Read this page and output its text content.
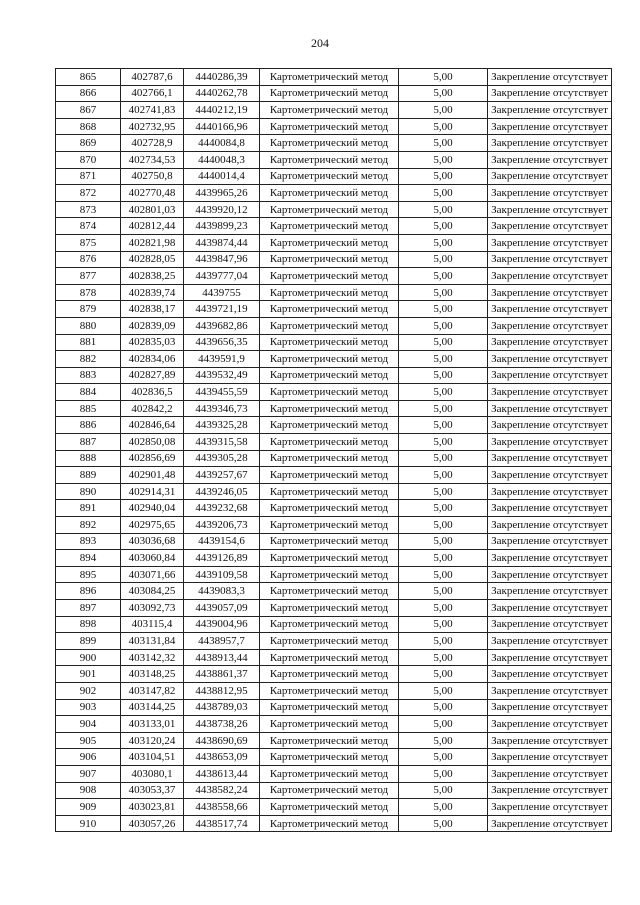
204
865	402787,6	4440286,39	Картометрический метод	5,00	Закрепление отсутствует
866	402766,1	4440262,78	Картометрический метод	5,00	Закрепление отсутствует
867	402741,83	4440212,19	Картометрический метод	5,00	Закрепление отсутствует
868	402732,95	4440166,96	Картометрический метод	5,00	Закрепление отсутствует
869	402728,9	4440084,8	Картометрический метод	5,00	Закрепление отсутствует
870	402734,53	4440048,3	Картометрический метод	5,00	Закрепление отсутствует
871	402750,8	4440014,4	Картометрический метод	5,00	Закрепление отсутствует
872	402770,48	4439965,26	Картометрический метод	5,00	Закрепление отсутствует
873	402801,03	4439920,12	Картометрический метод	5,00	Закрепление отсутствует
874	402812,44	4439899,23	Картометрический метод	5,00	Закрепление отсутствует
875	402821,98	4439874,44	Картометрический метод	5,00	Закрепление отсутствует
876	402828,05	4439847,96	Картометрический метод	5,00	Закрепление отсутствует
877	402838,25	4439777,04	Картометрический метод	5,00	Закрепление отсутствует
878	402839,74	4439755	Картометрический метод	5,00	Закрепление отсутствует
879	402838,17	4439721,19	Картометрический метод	5,00	Закрепление отсутствует
880	402839,09	4439682,86	Картометрический метод	5,00	Закрепление отсутствует
881	402835,03	4439656,35	Картометрический метод	5,00	Закрепление отсутствует
882	402834,06	4439591,9	Картометрический метод	5,00	Закрепление отсутствует
883	402827,89	4439532,49	Картометрический метод	5,00	Закрепление отсутствует
884	402836,5	4439455,59	Картометрический метод	5,00	Закрепление отсутствует
885	402842,2	4439346,73	Картометрический метод	5,00	Закрепление отсутствует
886	402846,64	4439325,28	Картометрический метод	5,00	Закрепление отсутствует
887	402850,08	4439315,58	Картометрический метод	5,00	Закрепление отсутствует
888	402856,69	4439305,28	Картометрический метод	5,00	Закрепление отсутствует
889	402901,48	4439257,67	Картометрический метод	5,00	Закрепление отсутствует
890	402914,31	4439246,05	Картометрический метод	5,00	Закрепление отсутствует
891	402940,04	4439232,68	Картометрический метод	5,00	Закрепление отсутствует
892	402975,65	4439206,73	Картометрический метод	5,00	Закрепление отсутствует
893	403036,68	4439154,6	Картометрический метод	5,00	Закрепление отсутствует
894	403060,84	4439126,89	Картометрический метод	5,00	Закрепление отсутствует
895	403071,66	4439109,58	Картометрический метод	5,00	Закрепление отсутствует
896	403084,25	4439083,3	Картометрический метод	5,00	Закрепление отсутствует
897	403092,73	4439057,09	Картометрический метод	5,00	Закрепление отсутствует
898	403115,4	4439004,96	Картометрический метод	5,00	Закрепление отсутствует
899	403131,84	4438957,7	Картометрический метод	5,00	Закрепление отсутствует
900	403142,32	4438913,44	Картометрический метод	5,00	Закрепление отсутствует
901	403148,25	4438861,37	Картометрический метод	5,00	Закрепление отсутствует
902	403147,82	4438812,95	Картометрический метод	5,00	Закрепление отсутствует
903	403144,25	4438789,03	Картометрический метод	5,00	Закрепление отсутствует
904	403133,01	4438738,26	Картометрический метод	5,00	Закрепление отсутствует
905	403120,24	4438690,69	Картометрический метод	5,00	Закрепление отсутствует
906	403104,51	4438653,09	Картометрический метод	5,00	Закрепление отсутствует
907	403080,1	4438613,44	Картометрический метод	5,00	Закрепление отсутствует
908	403053,37	4438582,24	Картометрический метод	5,00	Закрепление отсутствует
909	403023,81	4438558,66	Картометрический метод	5,00	Закрепление отсутствует
910	403057,26	4438517,74	Картометрический метод	5,00	Закрепление отсутствует
